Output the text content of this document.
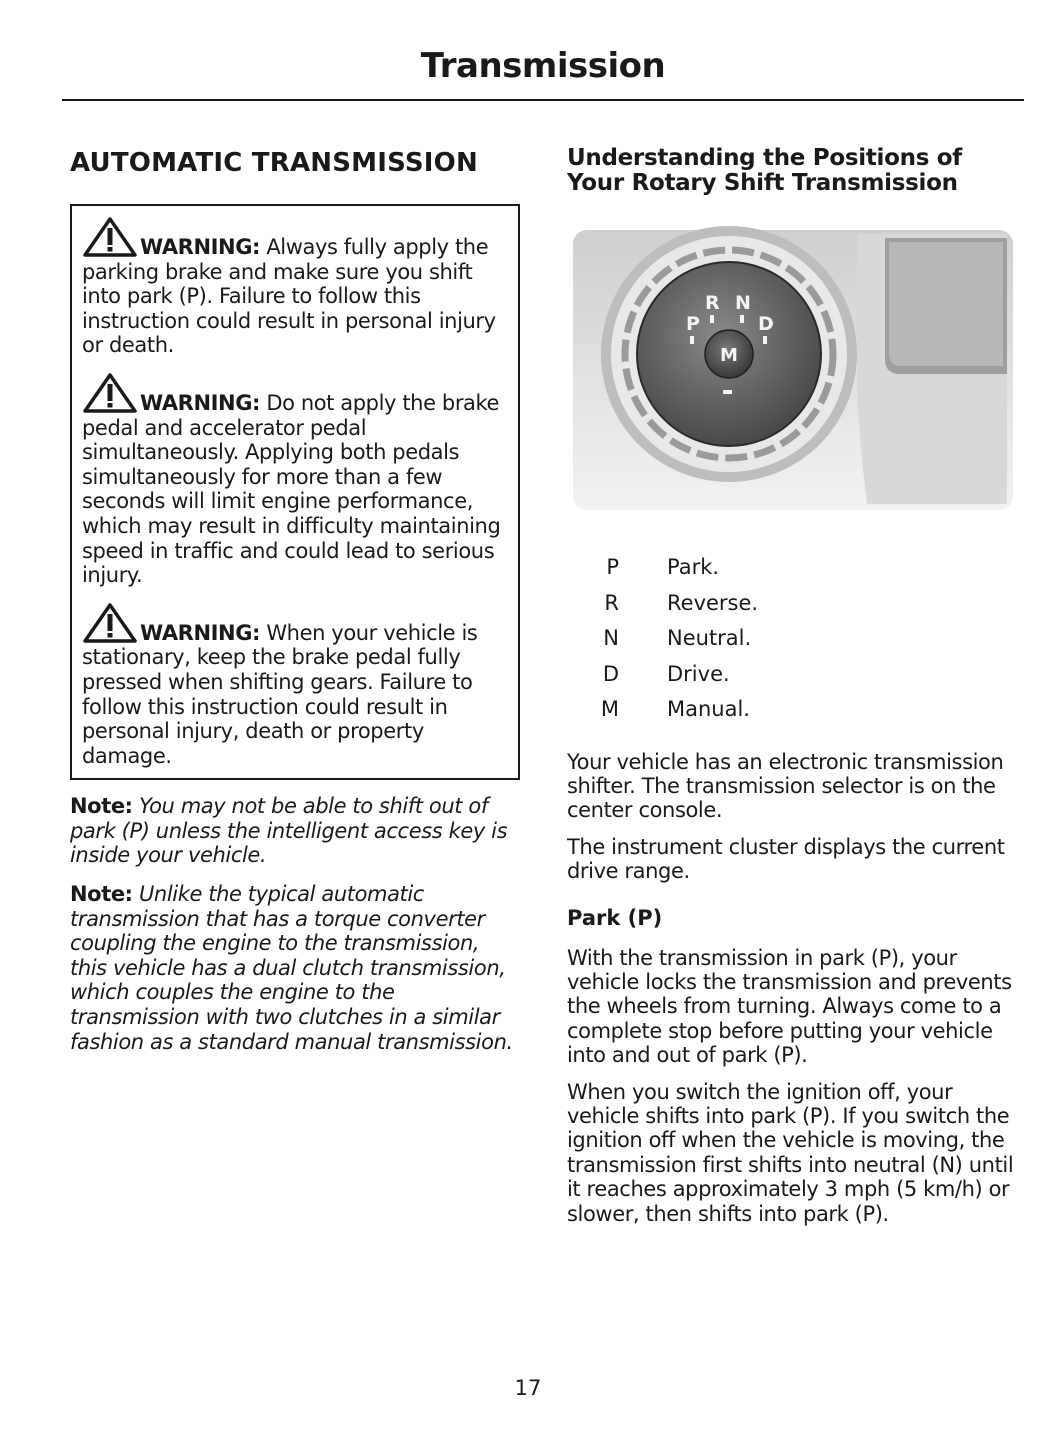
Transmission
AUTOMATIC TRANSMISSION

WARNING: Always fully apply the parking brake and make sure you shift into park (P). Failure to follow this instruction could result in personal injury or death.

WARNING: Do not apply the brake pedal and accelerator pedal simultaneously. Applying both pedals simultaneously for more than a few seconds will limit engine performance, which may result in difficulty maintaining speed in traffic and could lead to serious injury.

WARNING: When your vehicle is stationary, keep the brake pedal fully pressed when shifting gears. Failure to follow this instruction could result in personal injury, death or property damage.

Note: You may not be able to shift out of park (P) unless the intelligent access key is inside your vehicle.

Note: Unlike the typical automatic transmission that has a torque converter coupling the engine to the transmission, this vehicle has a dual clutch transmission, which couples the engine to the transmission with two clutches in a similar fashion as a standard manual transmission.

Understanding the Positions of Your Rotary Shift Transmission
P
R N
D
M
P Park.
R Reverse.
N Neutral.
D Drive.
M Manual.

Your vehicle has an electronic transmission shifter. The transmission selector is on the center console.

The instrument cluster displays the current drive range.

Park (P)

With the transmission in park (P), your vehicle locks the transmission and prevents the wheels from turning. Always come to a complete stop before putting your vehicle into and out of park (P).

When you switch the ignition off, your vehicle shifts into park (P). If you switch the ignition off when the vehicle is moving, the transmission first shifts into neutral (N) until it reaches approximately 3 mph (5 km/h) or slower, then shifts into park (P).

17
